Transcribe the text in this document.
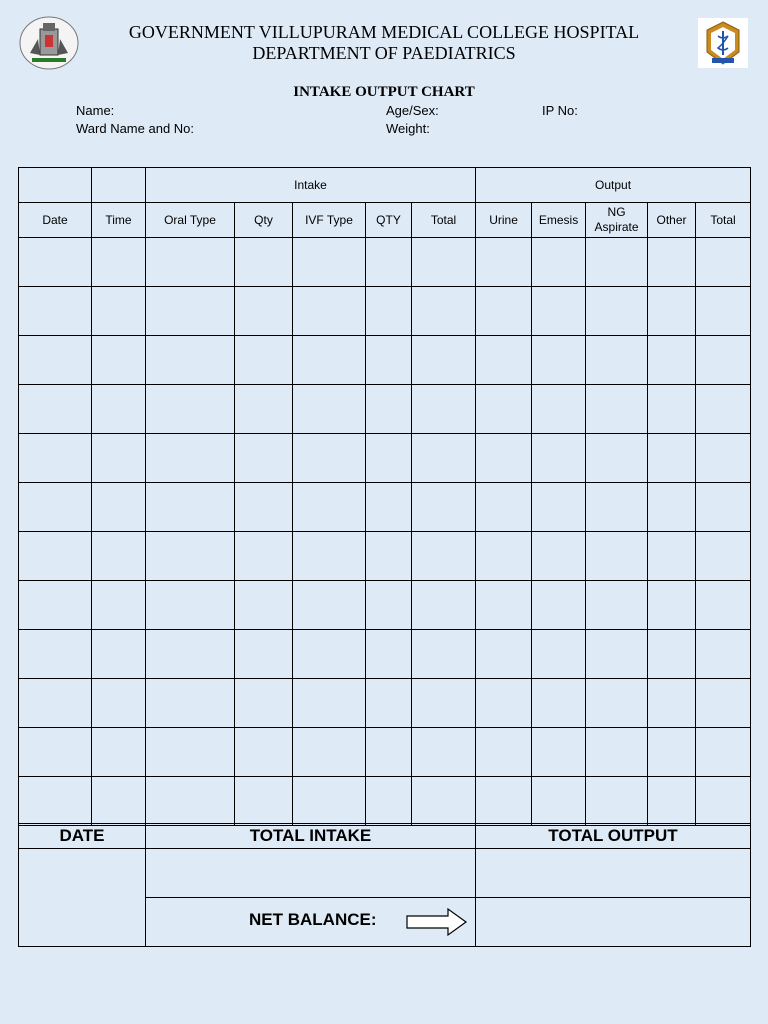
GOVERNMENT VILLUPURAM MEDICAL COLLEGE HOSPITAL
DEPARTMENT OF PAEDIATRICS
INTAKE OUTPUT CHART
Name:	Age/Sex:	IP No:
Ward Name and No:	Weight:
		Intake					Output				
Date	Time	Oral Type	Qty	IVF Type	QTY	Total	Urine	Emesis	NG Aspirate	Other	Total

DATE	TOTAL INTAKE	TOTAL OUTPUT

	NET BALANCE:	
